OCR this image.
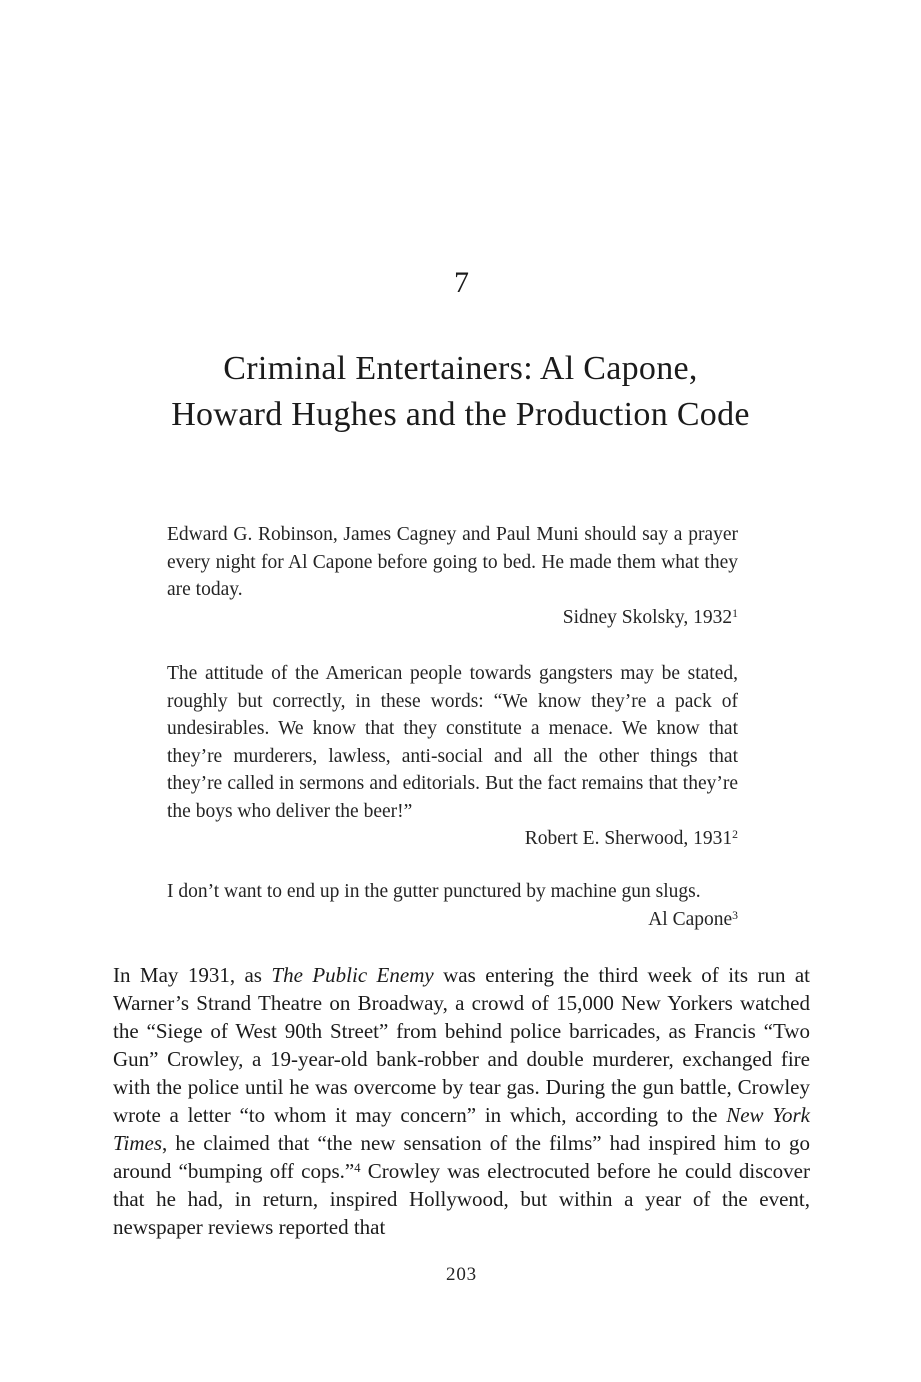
7
Criminal Entertainers: Al Capone,
Howard Hughes and the Production Code

Edward G. Robinson, James Cagney and Paul Muni should say a prayer every night for Al Capone before going to bed. He made them what they are today.

Sidney Skolsky, 1932$^1$

The attitude of the American people towards gangsters may be stated, roughly but correctly, in these words: “We know they’re a pack of undesirables. We know that they constitute a menace. We know that they’re murderers, lawless, anti-social and all the other things that they’re called in sermons and editorials. But the fact remains that they’re the boys who deliver the beer!”

Robert E. Sherwood, 1931$^2$

I don’t want to end up in the gutter punctured by machine gun slugs.

Al Capone$^3$

In May 1931, as The Public Enemy was entering the third week of its run at Warner’s Strand Theatre on Broadway, a crowd of 15,000 New Yorkers watched the “Siege of West 90th Street” from behind police barricades, as Francis “Two Gun” Crowley, a 19-year-old bank-robber and double murderer, exchanged fire with the police until he was overcome by tear gas. During the gun battle, Crowley wrote a letter “to whom it may concern” in which, according to the New York Times, he claimed that “the new sensation of the films” had inspired him to go around “bumping off cops.”$^4$ Crowley was electrocuted before he could discover that he had, in return, inspired Hollywood, but within a year of the event, newspaper reviews reported that

203
